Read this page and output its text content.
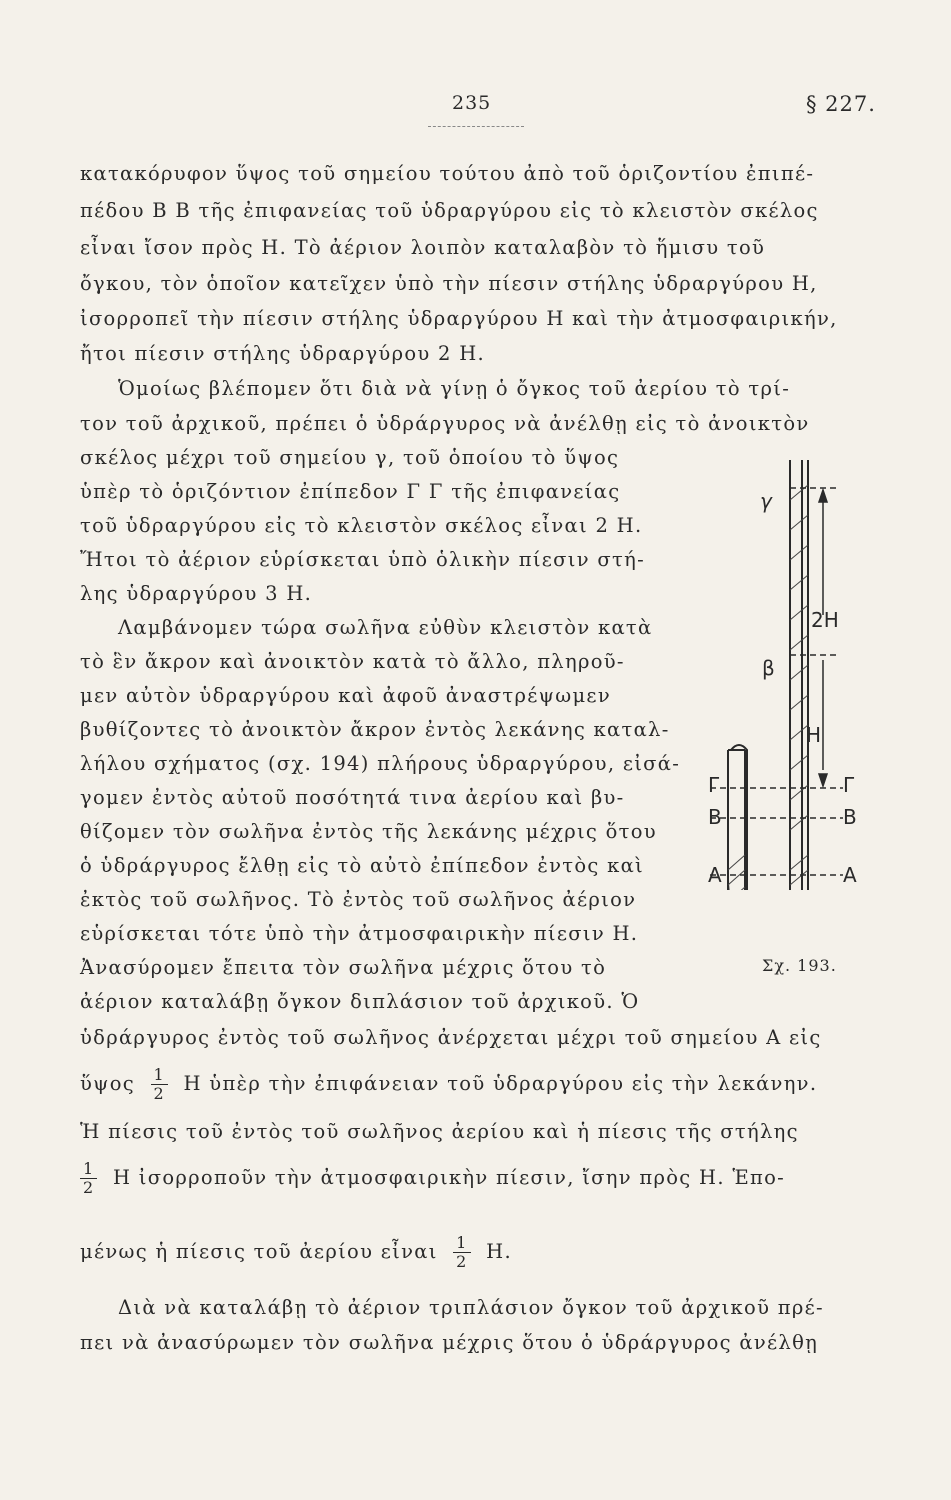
235	§ 227.
κατακόρυφον ὕψος τοῦ σημείου τούτου ἀπὸ τοῦ ὁριζοντίου ἐπιπέ-
πέδου Β Β τῆς ἐπιφανείας τοῦ ὑδραργύρου εἰς τὸ κλειστὸν σκέλος
εἶναι ἴσον πρὸς Η. Τὸ ἀέριον λοιπὸν καταλαβὸν τὸ ἥμισυ τοῦ
ὄγκου, τὸν ὁποῖον κατεῖχεν ὑπὸ τὴν πίεσιν στήλης ὑδραργύρου Η,
ἰσορροπεῖ τὴν πίεσιν στήλης ὑδραργύρου Η καὶ τὴν ἀτμοσφαιρικήν,
ἤτοι πίεσιν στήλης ὑδραργύρου 2 Η.
Ὁμοίως βλέπομεν ὅτι διὰ νὰ γίνῃ ὁ ὄγκος τοῦ ἀερίου τὸ τρί-
τον τοῦ ἀρχικοῦ, πρέπει ὁ ὑδράργυρος νὰ ἀνέλθῃ εἰς τὸ ἀνοικτὸν
σκέλος μέχρι τοῦ σημείου γ, τοῦ ὁποίου τὸ ὕψος
ὑπὲρ τὸ ὁριζόντιον ἐπίπεδον Γ Γ τῆς ἐπιφανείας
τοῦ ὑδραργύρου εἰς τὸ κλειστὸν σκέλος εἶναι 2 Η.
Ἤτοι τὸ ἀέριον εὑρίσκεται ὑπὸ ὁλικὴν πίεσιν στή-
λης ὑδραργύρου 3 Η.
Λαμβάνομεν τώρα σωλῆνα εὐθὺν κλειστὸν κατὰ
τὸ ἓν ἄκρον καὶ ἀνοικτὸν κατὰ τὸ ἄλλο, πληροῦ-
μεν αὐτὸν ὑδραργύρου καὶ ἀφοῦ ἀναστρέψωμεν
βυθίζοντες τὸ ἀνοικτὸν ἄκρον ἐντὸς λεκάνης καταλ-
λήλου σχήματος (σχ. 194) πλήρους ὑδραργύρου, εἰσά-
γομεν ἐντὸς αὐτοῦ ποσότητά τινα ἀερίου καὶ βυ-
θίζομεν τὸν σωλῆνα ἐντὸς τῆς λεκάνης μέχρις ὅτου
ὁ ὑδράργυρος ἔλθῃ εἰς τὸ αὐτὸ ἐπίπεδον ἐντὸς καὶ
ἐκτὸς τοῦ σωλῆνος. Τὸ ἐντὸς τοῦ σωλῆνος ἀέριον
εὑρίσκεται τότε ὑπὸ τὴν ἀτμοσφαιρικὴν πίεσιν Η.
Ἀνασύρομεν ἔπειτα τὸν σωλῆνα μέχρις ὅτου τὸ
ἀέριον καταλάβῃ ὄγκον διπλάσιον τοῦ ἀρχικοῦ. Ὁ
ὑδράργυρος ἐντὸς τοῦ σωλῆνος ἀνέρχεται μέχρι τοῦ σημείου Α εἰς
ὕψος $\frac{1}{2}$ Η ὑπὲρ τὴν ἐπιφάνειαν τοῦ ὑδραργύρου εἰς τὴν λεκάνην.
Ἡ πίεσις τοῦ ἐντὸς τοῦ σωλῆνος ἀερίου καὶ ἡ πίεσις τῆς στήλης
$\frac{1}{2}$ Η ἰσορροποῦν τὴν ἀτμοσφαιρικὴν πίεσιν, ἴσην πρὸς Η. Ἑπο-
μένως ἡ πίεσις τοῦ ἀερίου εἶναι $\frac{1}{2} H$.
Διὰ νὰ καταλάβῃ τὸ ἀέριον τριπλάσιον ὄγκον τοῦ ἀρχικοῦ πρέ-
πει νὰ ἀνασύρωμεν τὸν σωλῆνα μέχρις ὅτου ὁ ὑδράργυρος ἀνέλθῃ
γ
β
2Η
Η
Γ	Γ
Β	Β
Α	Α
Σχ. 193.
